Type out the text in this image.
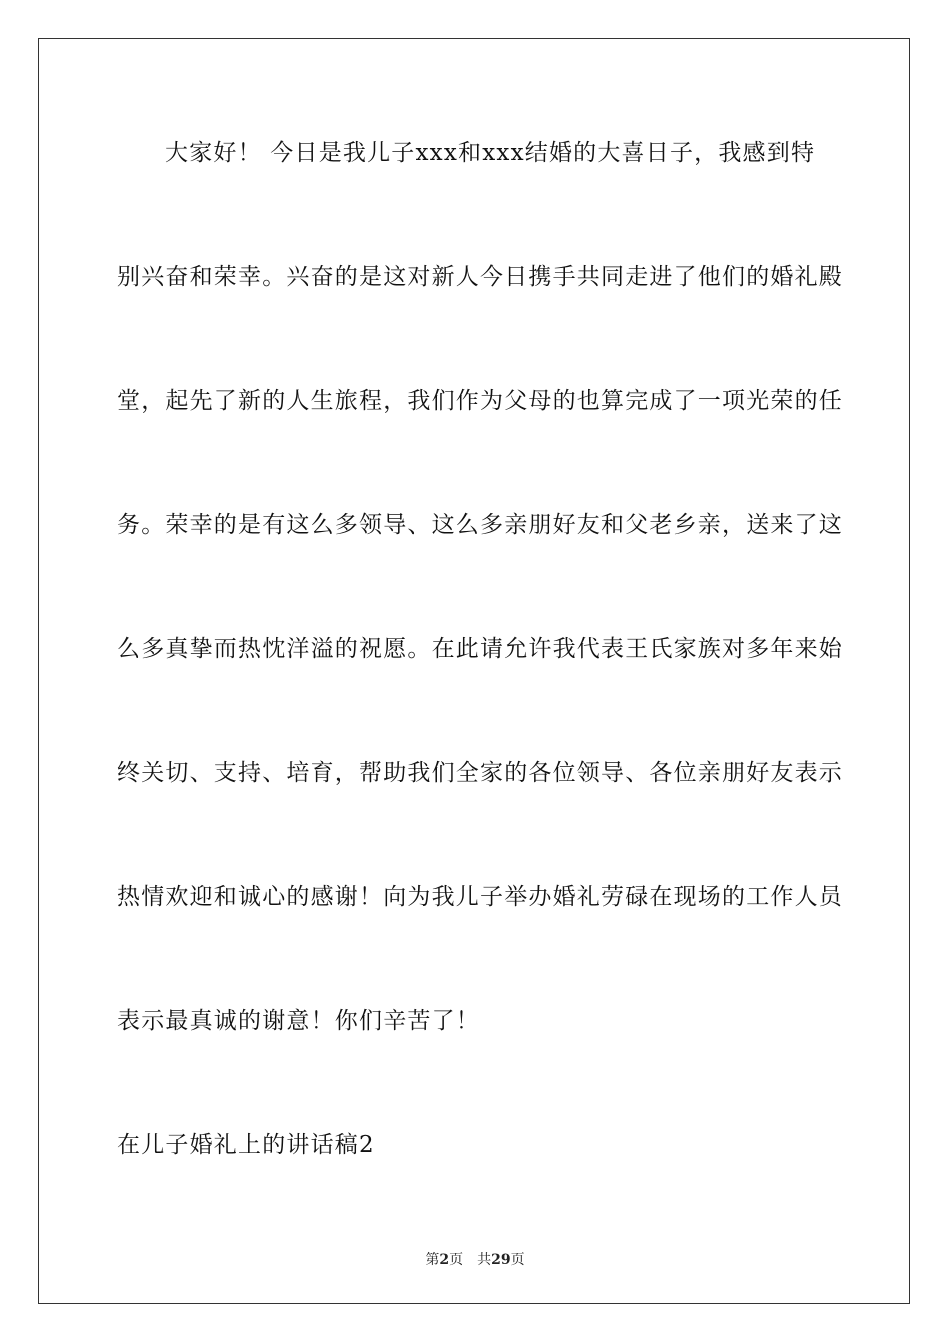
大家好！ 今日是我儿子xxx和xxx结婚的大喜日子，我感到特
别兴奋和荣幸。兴奋的是这对新人今日携手共同走进了他们的婚礼殿
堂，起先了新的人生旅程，我们作为父母的也算完成了一项光荣的任
务。荣幸的是有这么多领导、这么多亲朋好友和父老乡亲，送来了这
么多真挚而热忱洋溢的祝愿。在此请允许我代表王氏家族对多年来始
终关切、支持、培育，帮助我们全家的各位领导、各位亲朋好友表示
热情欢迎和诚心的感谢！向为我儿子举办婚礼劳碌在现场的工作人员
表示最真诚的谢意！你们辛苦了！
在儿子婚礼上的讲话稿2
第2页 共29页
